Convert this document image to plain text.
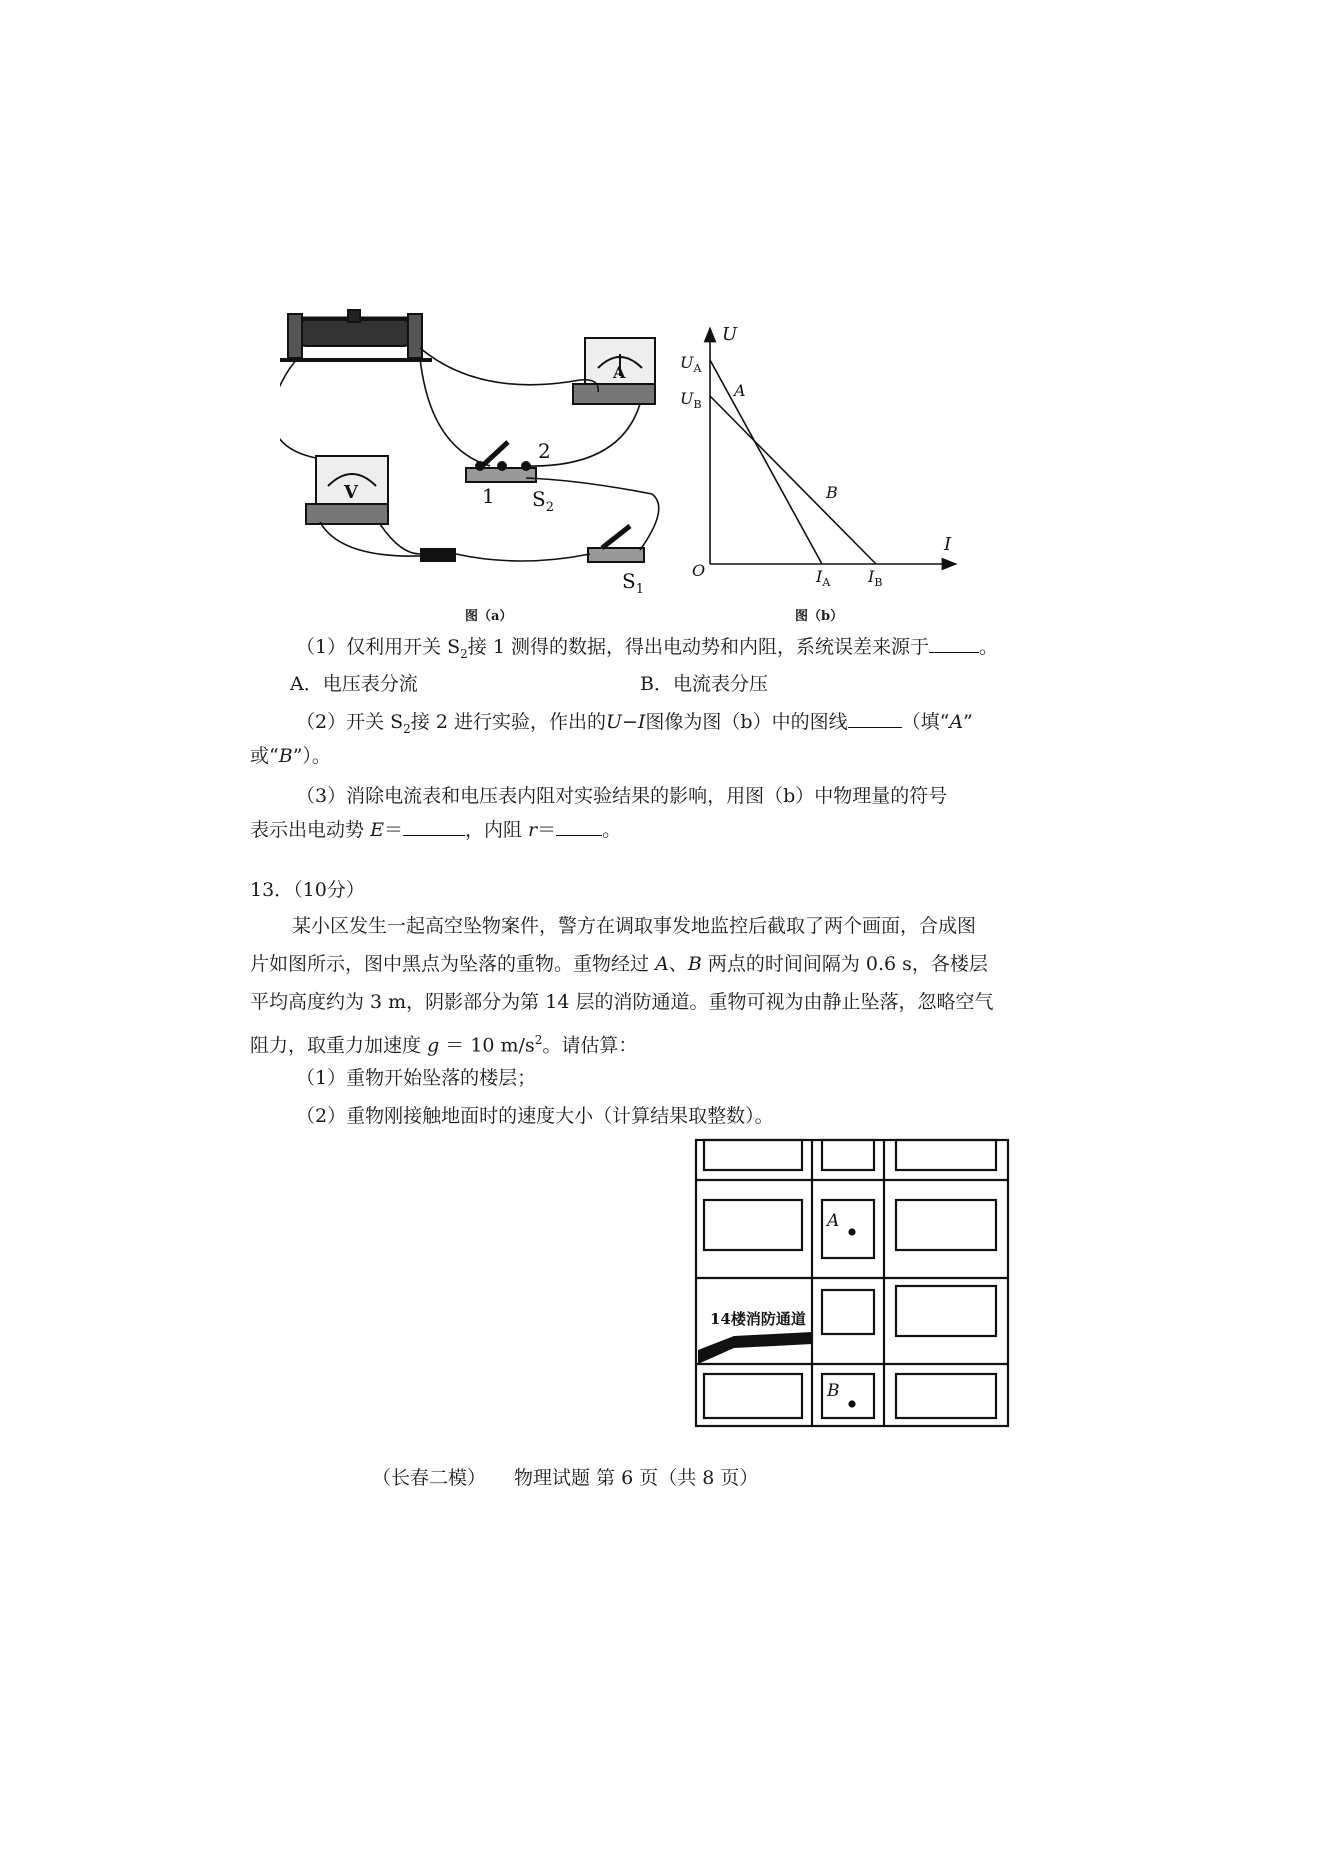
A
V	1
2
$S_2$
$S_1$
图（a）
U
I
O
$U_A$
$U_B$
$I_A$ $I_B$
A
B
图（b）
（1）仅利用开关 $S_2$接 1 测得的数据，得出电动势和内阻，系统误差来源于	。
A．电压表分流	B．电流表分压
（2）开关 $S_2$接 2 进行实验，作出的U−I图像为图（b）中的图线	（填“A”
或“B”）。
（3）消除电流表和电压表内阻对实验结果的影响，用图（b）中物理量的符号
表示出电动势 E＝	，内阻 r＝ 。
13．（10分）
某小区发生一起高空坠物案件，警方在调取事发地监控后截取了两个画面，合成图
片如图所示，图中黑点为坠落的重物。重物经过 A、B 两点的时间间隔为 0.6 s，各楼层
平均高度约为 3 m，阴影部分为第 14 层的消防通道。重物可视为由静止坠落，忽略空气
阻力，取重力加速度 g ＝ 10 $m/s^2$。请估算：
（1）重物开始坠落的楼层；
（2）重物刚接触地面时的速度大小（计算结果取整数）。
14楼消防通道
A
B
（长春二模） 物理试题 第 6 页（共 8 页）
